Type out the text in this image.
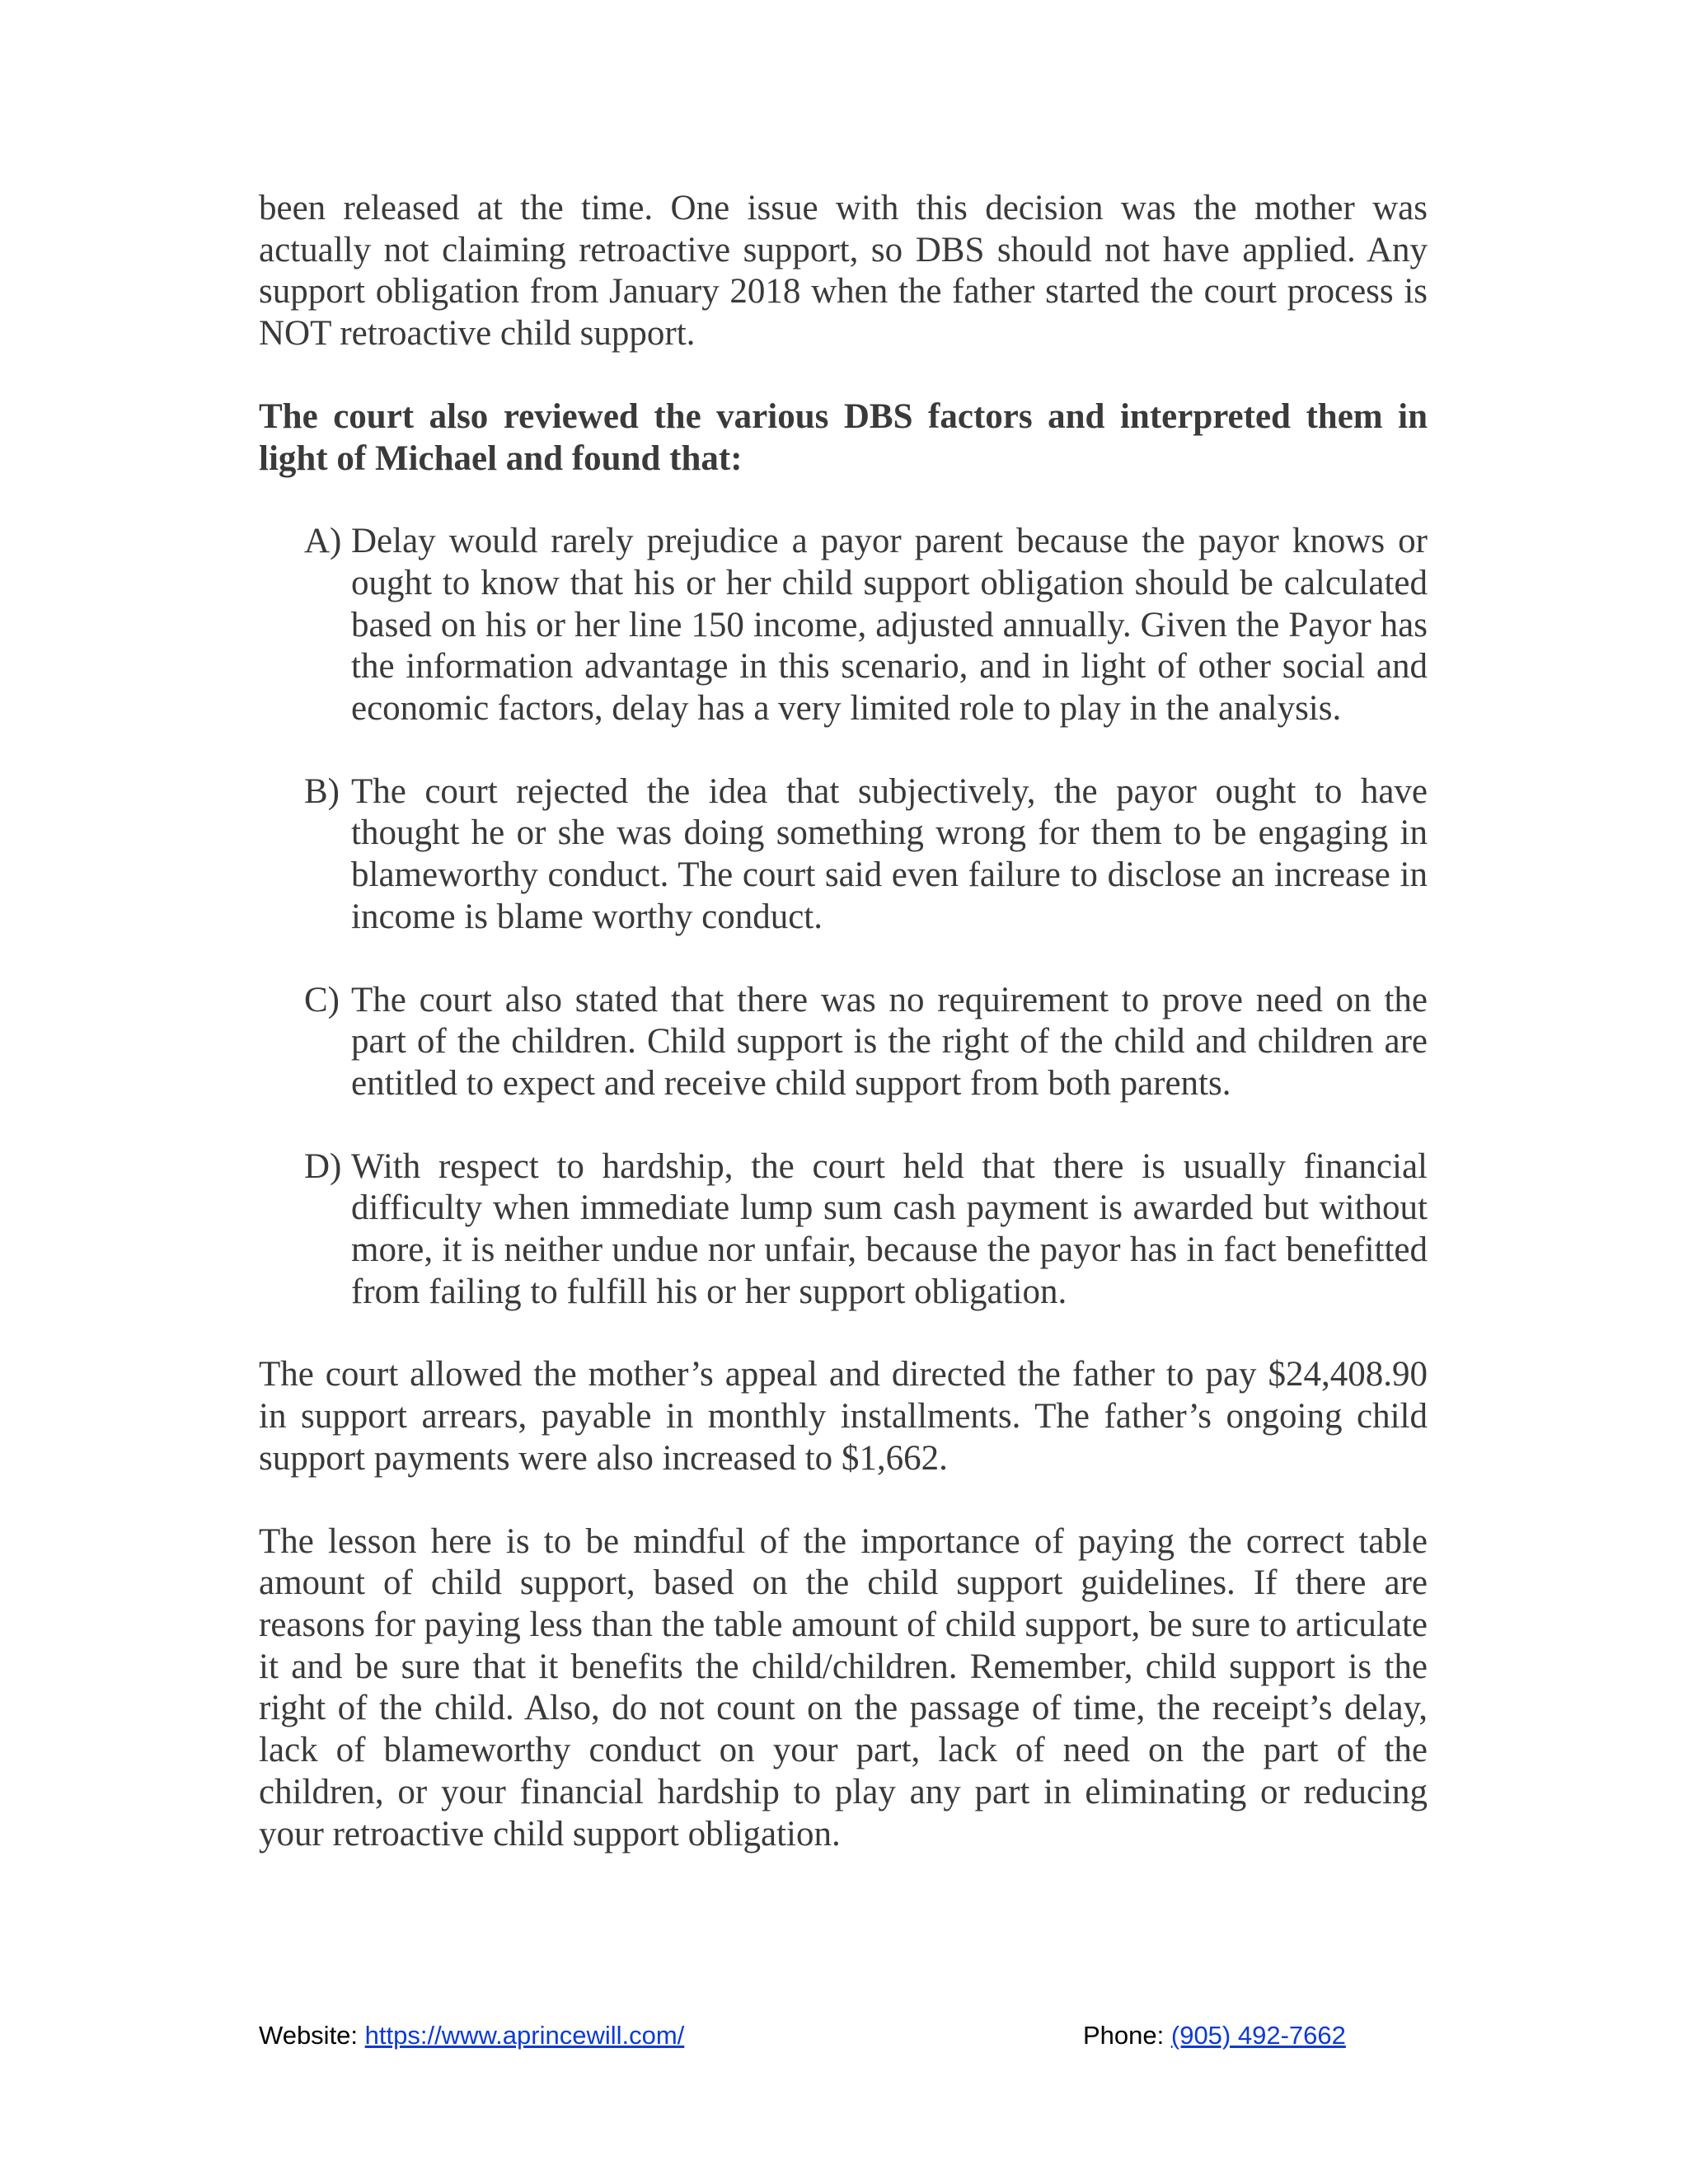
been released at the time. One issue with this decision was the mother was actually not claiming retroactive support, so DBS should not have applied. Any support obligation from January 2018 when the father started the court process is NOT retroactive child support.

The court also reviewed the various DBS factors and interpreted them in light of Michael and found that:

A) Delay would rarely prejudice a payor parent because the payor knows or ought to know that his or her child support obligation should be calculated based on his or her line 150 income, adjusted annually. Given the Payor has the information advantage in this scenario, and in light of other social and economic factors, delay has a very limited role to play in the analysis.
B) The court rejected the idea that subjectively, the payor ought to have thought he or she was doing something wrong for them to be engaging in blameworthy conduct. The court said even failure to disclose an increase in income is blame worthy conduct.
C) The court also stated that there was no requirement to prove need on the part of the children. Child support is the right of the child and children are entitled to expect and receive child support from both parents.
D) With respect to hardship, the court held that there is usually financial difficulty when immediate lump sum cash payment is awarded but without more, it is neither undue nor unfair, because the payor has in fact benefitted from failing to fulfill his or her support obligation.

The court allowed the mother’s appeal and directed the father to pay $24,408.90 in support arrears, payable in monthly installments. The father’s ongoing child support payments were also increased to $1,662.

The lesson here is to be mindful of the importance of paying the correct table amount of child support, based on the child support guidelines. If there are reasons for paying less than the table amount of child support, be sure to articulate it and be sure that it benefits the child/children. Remember, child support is the right of the child. Also, do not count on the passage of time, the receipt’s delay, lack of blameworthy conduct on your part, lack of need on the part of the children, or your financial hardship to play any part in eliminating or reducing your retroactive child support obligation.

Website: https://www.aprincewill.com/	Phone: (905) 492-7662
